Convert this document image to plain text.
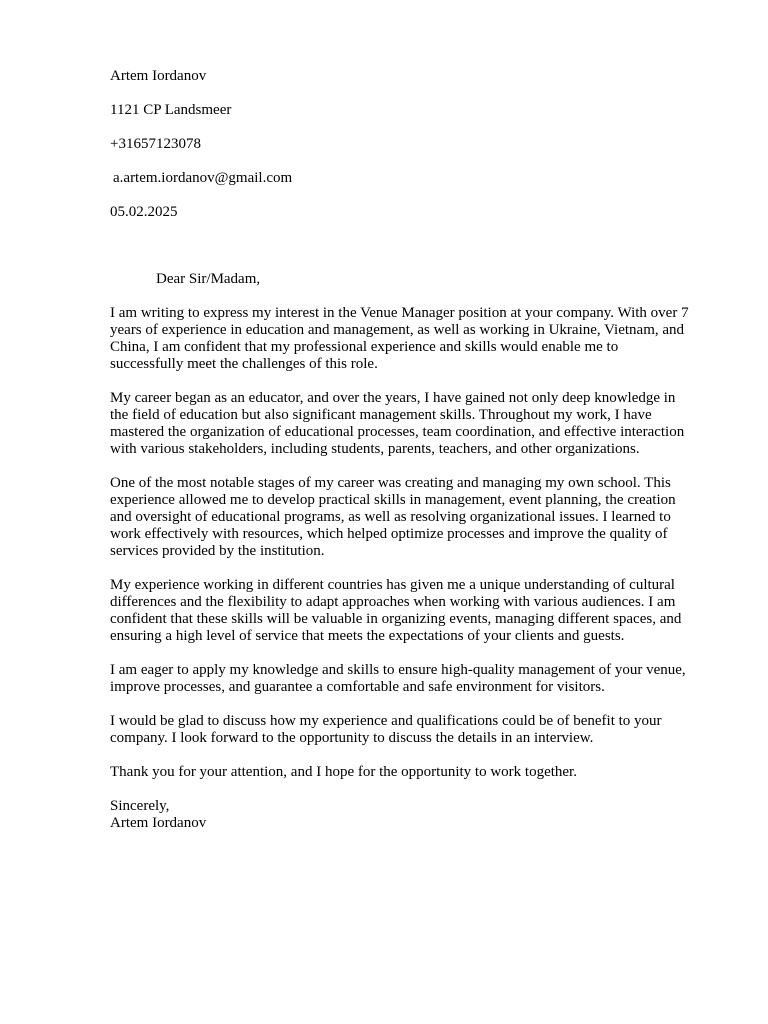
Artem Iordanov
1121 CP Landsmeer
+31657123078
a.artem.iordanov@gmail.com
05.02.2025
Dear Sir/Madam,

I am writing to express my interest in the Venue Manager position at your company. With over 7
years of experience in education and management, as well as working in Ukraine, Vietnam, and
China, I am confident that my professional experience and skills would enable me to
successfully meet the challenges of this role.

My career began as an educator, and over the years, I have gained not only deep knowledge in
the field of education but also significant management skills. Throughout my work, I have
mastered the organization of educational processes, team coordination, and effective interaction
with various stakeholders, including students, parents, teachers, and other organizations.

One of the most notable stages of my career was creating and managing my own school. This
experience allowed me to develop practical skills in management, event planning, the creation
and oversight of educational programs, as well as resolving organizational issues. I learned to
work effectively with resources, which helped optimize processes and improve the quality of
services provided by the institution.

My experience working in different countries has given me a unique understanding of cultural
differences and the flexibility to adapt approaches when working with various audiences. I am
confident that these skills will be valuable in organizing events, managing different spaces, and
ensuring a high level of service that meets the expectations of your clients and guests.

I am eager to apply my knowledge and skills to ensure high-quality management of your venue,
improve processes, and guarantee a comfortable and safe environment for visitors.

I would be glad to discuss how my experience and qualifications could be of benefit to your
company. I look forward to the opportunity to discuss the details in an interview.

Thank you for your attention, and I hope for the opportunity to work together.

Sincerely,
Artem Iordanov
